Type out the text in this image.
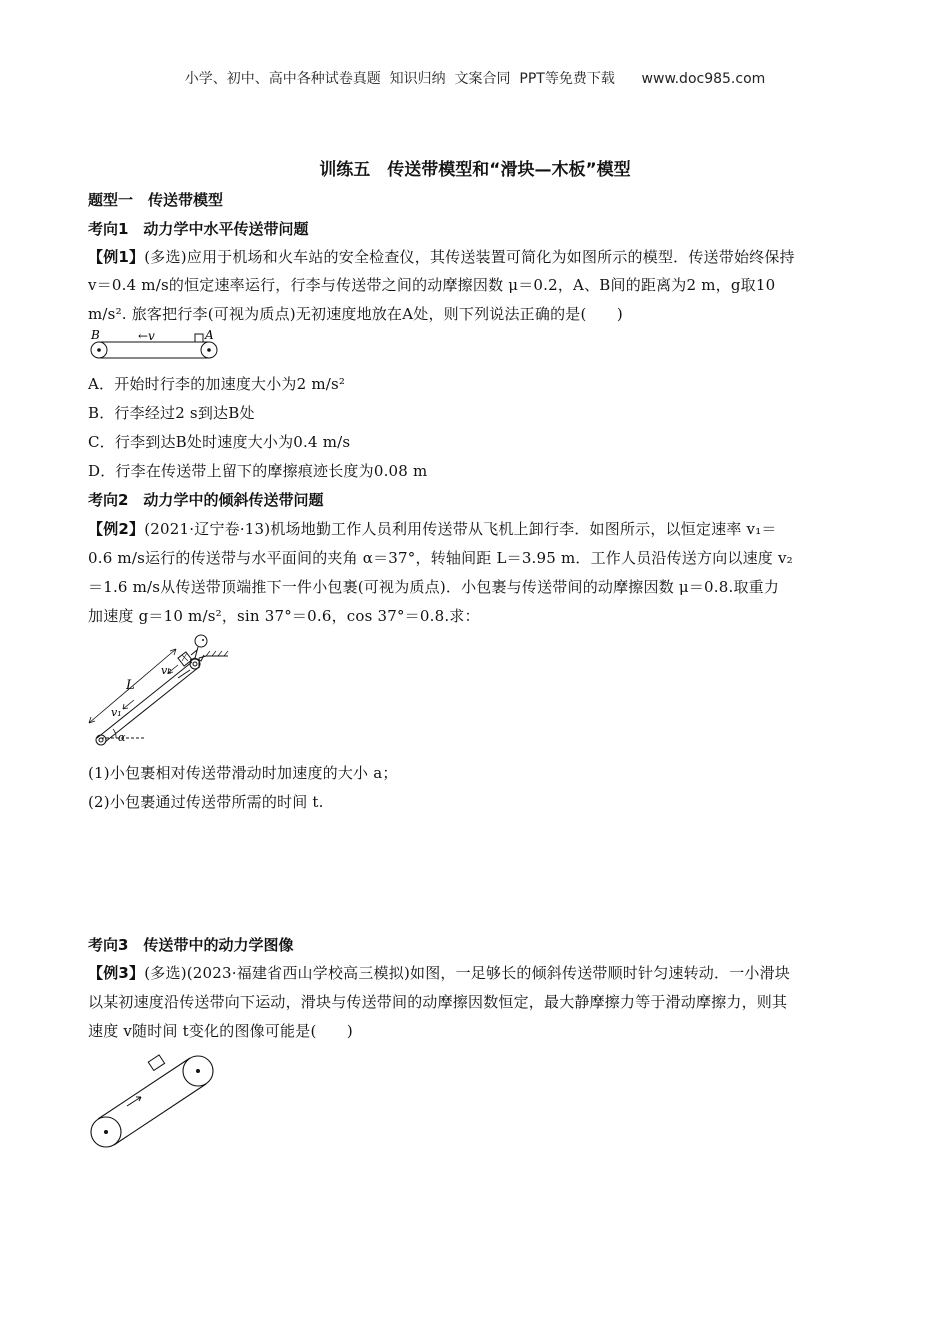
小学、初中、高中各种试卷真题  知识归纳  文案合同  PPT等免费下载      www.doc985.com
训练五　传送带模型和“滑块—木板”模型
题型一　传送带模型
考向1　动力学中水平传送带问题
【例1】(多选)应用于机场和火车站的安全检查仪，其传送装置可简化为如图所示的模型．传送带始终保持
v＝0.4 m/s的恒定速率运行，行李与传送带之间的动摩擦因数 μ＝0.2，A、B间的距离为2 m，g取10
m/s². 旅客把行李(可视为质点)无初速度地放在A处，则下列说法正确的是(　　)
B	A
←v
A．开始时行李的加速度大小为2 m/s²
B．行李经过2 s到达B处
C．行李到达B处时速度大小为0.4 m/s
D．行李在传送带上留下的摩擦痕迹长度为0.08 m
考向2　动力学中的倾斜传送带问题
【例2】(2021·辽宁卷·13)机场地勤工作人员利用传送带从飞机上卸行李．如图所示，以恒定速率 v₁＝
0.6 m/s运行的传送带与水平面间的夹角 α＝37°，转轴间距 L＝3.95 m．工作人员沿传送方向以速度 v₂
＝1.6 m/s从传送带顶端推下一件小包裹(可视为质点)．小包裹与传送带间的动摩擦因数 μ＝0.8.取重力
加速度 g＝10 m/s²，sin 37°＝0.6，cos 37°＝0.8.求：
L
v₁
v₂
α
(1)小包裹相对传送带滑动时加速度的大小 a；
(2)小包裹通过传送带所需的时间 t.
考向3　传送带中的动力学图像
【例3】(多选)(2023·福建省西山学校高三模拟)如图，一足够长的倾斜传送带顺时针匀速转动．一小滑块
以某初速度沿传送带向下运动，滑块与传送带间的动摩擦因数恒定，最大静摩擦力等于滑动摩擦力，则其
速度 v随时间 t变化的图像可能是(　　)
